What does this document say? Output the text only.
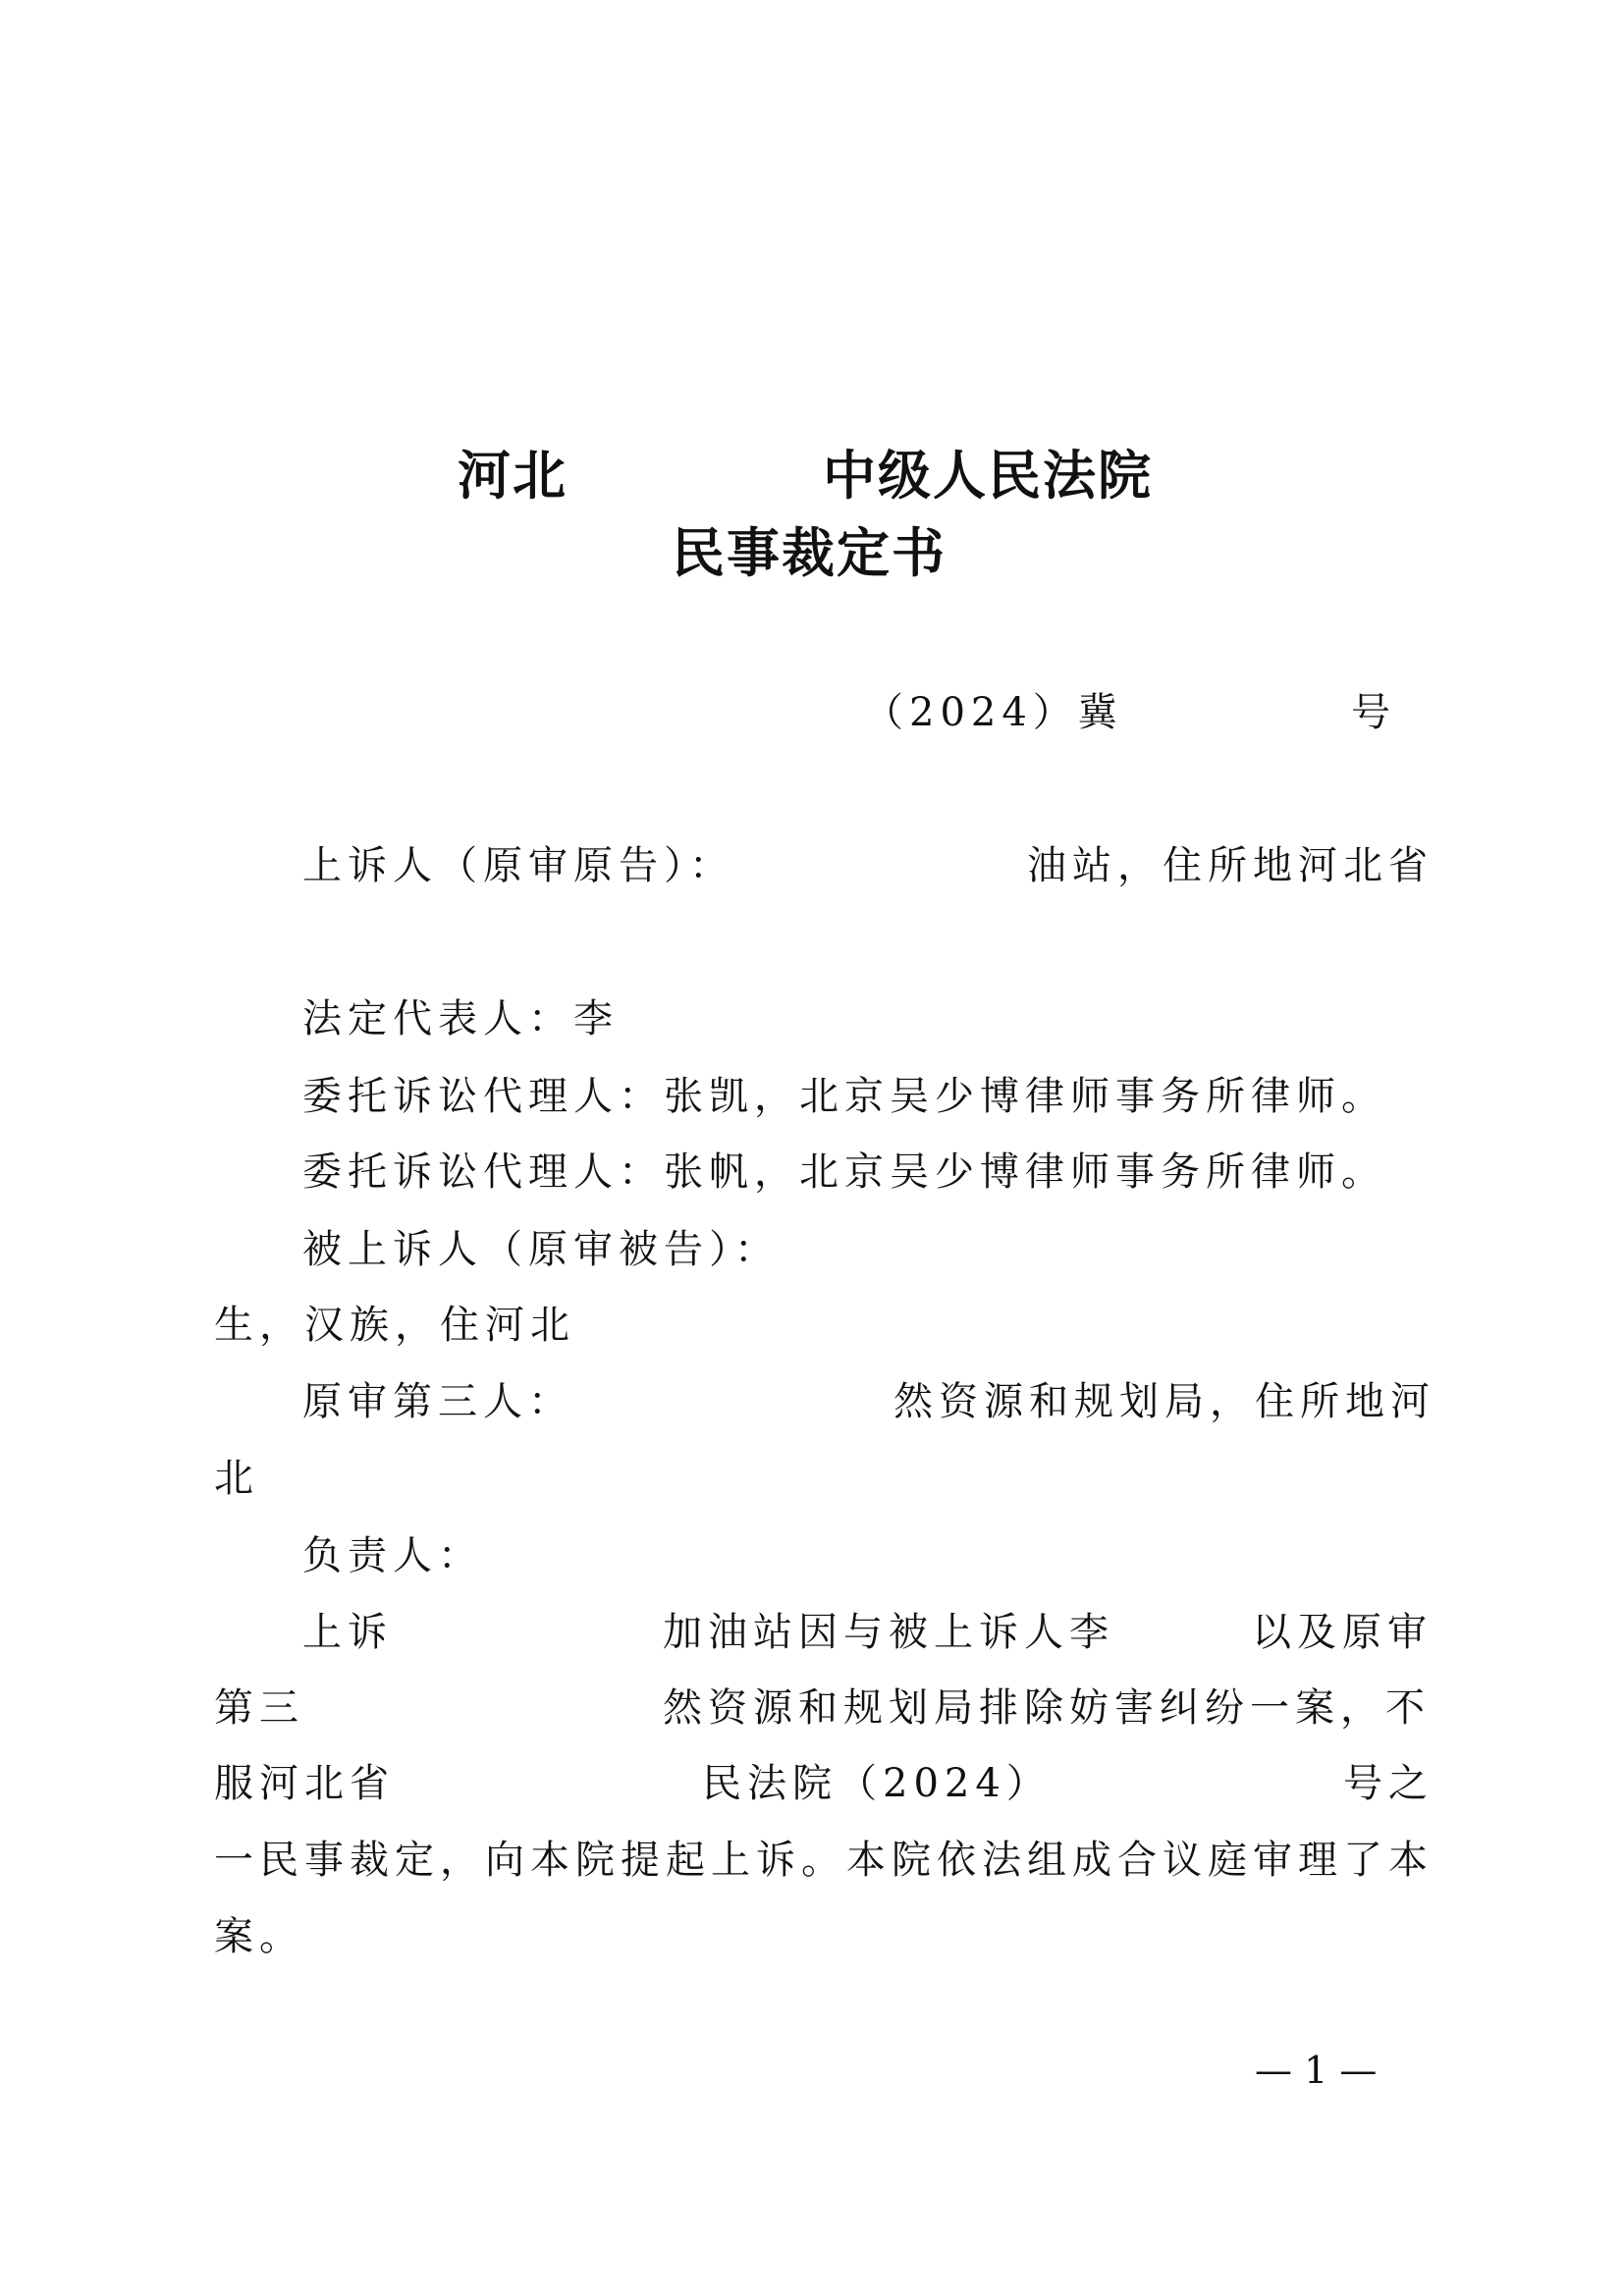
河北	中级人民法院
民事裁定书
（2024）冀	号
上诉人（原审原告）：	油站，住所地河北省
法定代表人：李
委托诉讼代理人：张凯，北京吴少博律师事务所律师。
委托诉讼代理人：张帆，北京吴少博律师事务所律师。
被上诉人（原审被告）：
生，汉族，住河北
原审第三人：	然资源和规划局，住所地河
北
负责人：
上诉	加油站因与被上诉人李	以及原审
第三	然资源和规划局排除妨害纠纷一案，不
服河北省	民法院（2024）	号之
一民事裁定，向本院提起上诉。本院依法组成合议庭审理了本
案。
— 1 —
